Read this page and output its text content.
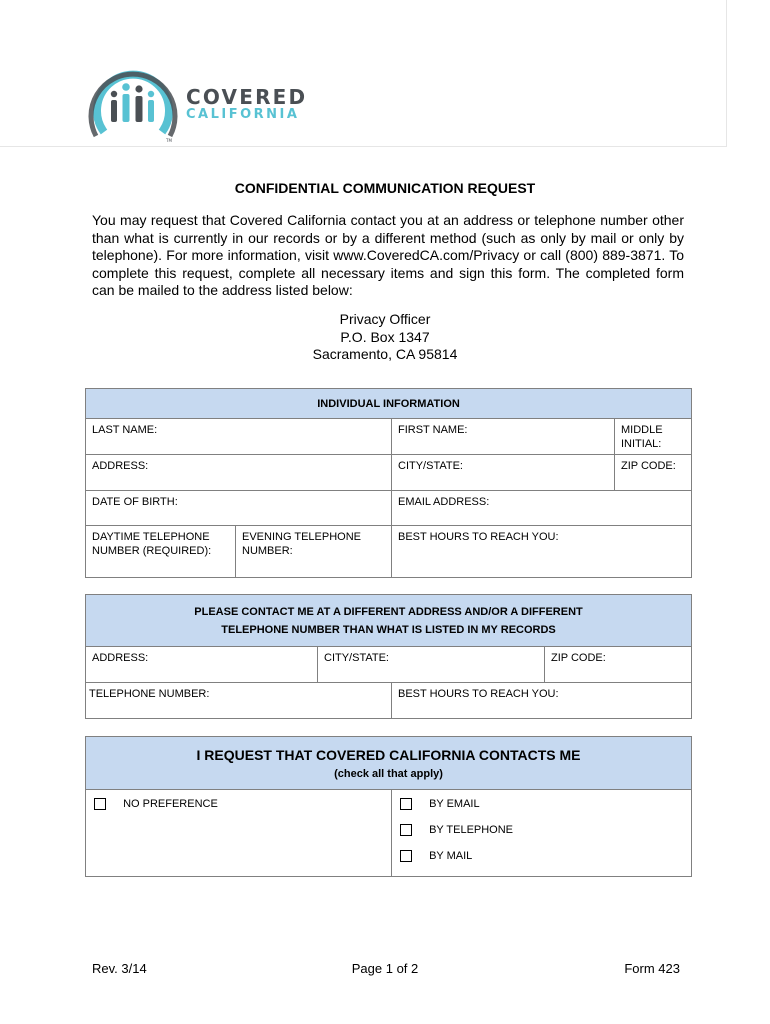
TM
COVERED
CALIFORNIA
CONFIDENTIAL COMMUNICATION REQUEST
You may request that Covered California contact you at an address or telephone number other than what is currently in our records or by a different method (such as only by mail or only by telephone). For more information, visit www.CoveredCA.com/Privacy or call (800) 889-3871. To complete this request, complete all necessary items and sign this form. The completed form can be mailed to the address listed below:
Privacy Officer
P.O. Box 1347
Sacramento, CA 95814
INDIVIDUAL INFORMATION			

LAST NAME:		FIRST NAME:	MIDDLE INITIAL:

ADDRESS:		CITY/STATE:	ZIP CODE:

DATE OF BIRTH:		EMAIL ADDRESS:	

DAYTIME TELEPHONE
NUMBER (REQUIRED):	EVENING TELEPHONE
NUMBER:	BEST HOURS TO REACH YOU:	
PLEASE CONTACT ME AT A DIFFERENT ADDRESS AND/OR A DIFFERENT
TELEPHONE NUMBER THAN WHAT IS LISTED IN MY RECORDS			

ADDRESS:	CITY/STATE:		ZIP CODE:

TELEPHONE NUMBER:		BEST HOURS TO REACH YOU:	
I REQUEST THAT COVERED CALIFORNIA CONTACTS ME
(check all that apply)

NO PREFERENCE	BY EMAIL
BY TELEPHONE
BY MAIL
Rev. 3/14	Page 1 of 2	Form 423
